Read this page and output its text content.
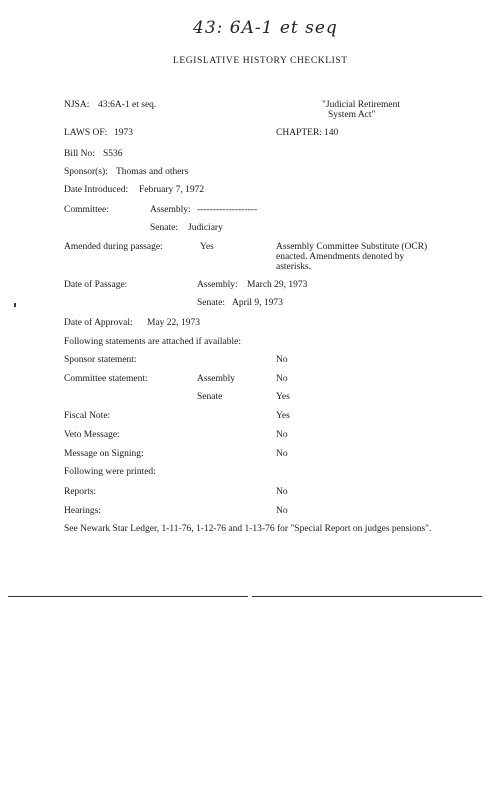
43: 6A-1 et seq
LEGISLATIVE HISTORY CHECKLIST
NJSA: 43:6A-1 et seq.	"Judicial Retirement
System Act"
LAWS OF: 1973	CHAPTER: 140
Bill No: S536
Sponsor(s): Thomas and others
Date Introduced: February 7, 1972
Committee:	Assembly: -------------------
Senate: Judiciary
Amended during passage:	Yes	Assembly Committee Substitute (OCR) enacted. Amendments denoted by asterisks.
Date of Passage:	Assembly: March 29, 1973
Senate: April 9, 1973
Date of Approval: May 22, 1973
Following statements are attached if available:
Sponsor statement:	No
Committee statement:	Assembly	No
Senate	Yes
Fiscal Note:	Yes
Veto Message:	No
Message on Signing:	No
Following were printed:
Reports:	No
Hearings:	No
See Newark Star Ledger, 1-11-76, 1-12-76 and 1-13-76 for "Special Report on judges pensions".
